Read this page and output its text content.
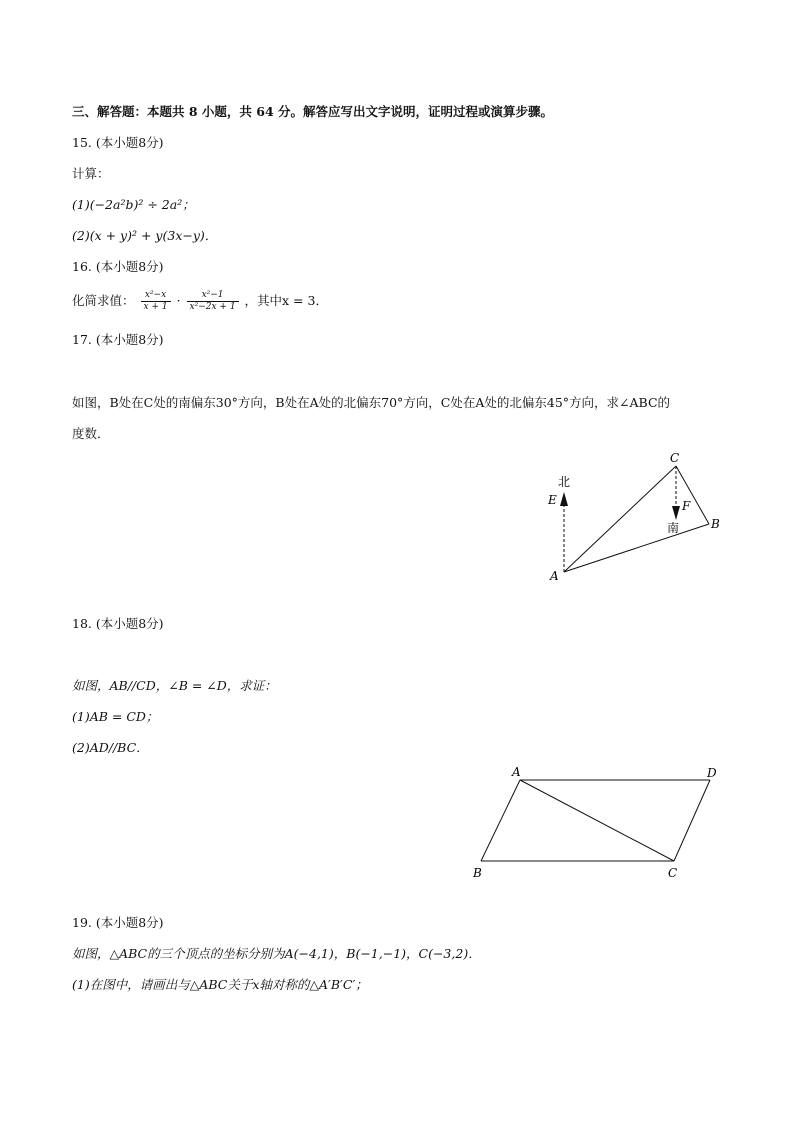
三、解答题：本题共 8 小题，共 64 分。解答应写出文字说明，证明过程或演算步骤。
15. (本小题8分)
计算：
(1)(−2a²b)² ÷ 2a²；
(2)(x + y)² + y(3x−y)．
16. (本小题8分)
化简求值： $\frac{\text{x²−x}}{x + 1} \cdot \frac{\text{x²−1}}{\text{x²−2x + 1}}$ ，其中x = 3．
17. (本小题8分)
如图，B处在C处的南偏东30°方向，B处在A处的北偏东70°方向，C处在A处的北偏东45°方向，求∠ABC的
度数．
北
E
A
C
F
南	B
18. (本小题8分)
如图，AB//CD，∠B = ∠D，求证：
(1)AB = CD；
(2)AD//BC．
A	D
B	C
19. (本小题8分)
如图，△ABC的三个顶点的坐标分别为A(−4,1)，B(−1,−1)，C(−3,2)．
(1)在图中，请画出与△ABC关于x轴对称的△A′B′C′；
